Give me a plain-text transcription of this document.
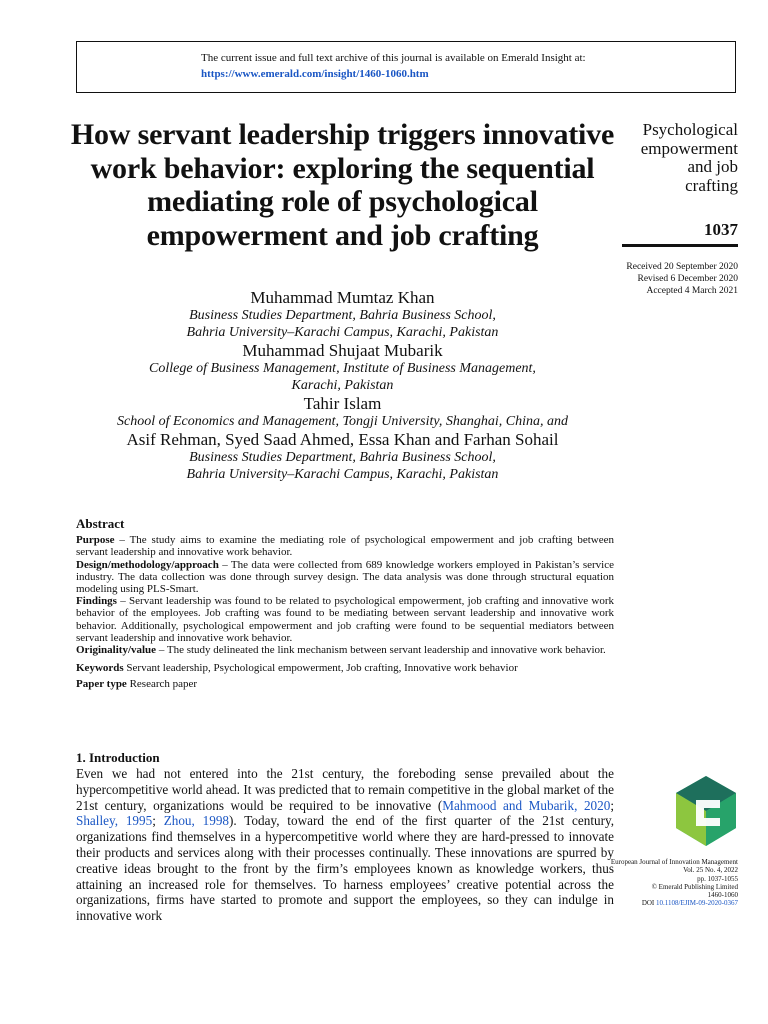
The current issue and full text archive of this journal is available on Emerald Insight at:
https://www.emerald.com/insight/1460-1060.htm
How servant leadership triggers innovative work behavior: exploring the sequential mediating role of psychological empowerment and job crafting
Psychological
empowerment
and job
crafting
1037
Received 20 September 2020
Revised 6 December 2020
Accepted 4 March 2021
Muhammad Mumtaz Khan
Business Studies Department, Bahria Business School,
Bahria University–Karachi Campus, Karachi, Pakistan
Muhammad Shujaat Mubarik
College of Business Management, Institute of Business Management,
Karachi, Pakistan
Tahir Islam
School of Economics and Management, Tongji University, Shanghai, China, and
Asif Rehman, Syed Saad Ahmed, Essa Khan and Farhan Sohail
Business Studies Department, Bahria Business School,
Bahria University–Karachi Campus, Karachi, Pakistan
Abstract

Purpose – The study aims to examine the mediating role of psychological empowerment and job crafting between servant leadership and innovative work behavior.

Design/methodology/approach – The data were collected from 689 knowledge workers employed in Pakistan’s service industry. The data collection was done through survey design. The data analysis was done through structural equation modeling using PLS-Smart.

Findings – Servant leadership was found to be related to psychological empowerment, job crafting and innovative work behavior of the employees. Job crafting was found to be mediating between servant leadership and innovative work behavior. Additionally, psychological empowerment and job crafting were found to be sequential mediators between servant leadership and innovative work behavior.

Originality/value – The study delineated the link mechanism between servant leadership and innovative work behavior.

Keywords Servant leadership, Psychological empowerment, Job crafting, Innovative work behavior

Paper type Research paper

1. Introduction

Even we had not entered into the 21st century, the foreboding sense prevailed about the hypercompetitive world ahead. It was predicted that to remain competitive in the global market of the 21st century, organizations would be required to be innovative (Mahmood and Mubarik, 2020; Shalley, 1995; Zhou, 1998). Today, toward the end of the first quarter of the 21st century, organizations find themselves in a hypercompetitive world where they are hard-pressed to innovate their products and services along with their processes continually. These innovations are spurred by creative ideas brought to the front by the firm’s employees known as knowledge workers, thus attaining an increased role for themselves. To harness employees’ creative potential across the organizations, firms have started to promote and support the employees, so they can indulge in innovative work

European Journal of Innovation Management
Vol. 25 No. 4, 2022
pp. 1037-1055
© Emerald Publishing Limited
1460-1060
DOI 10.1108/EJIM-09-2020-0367
